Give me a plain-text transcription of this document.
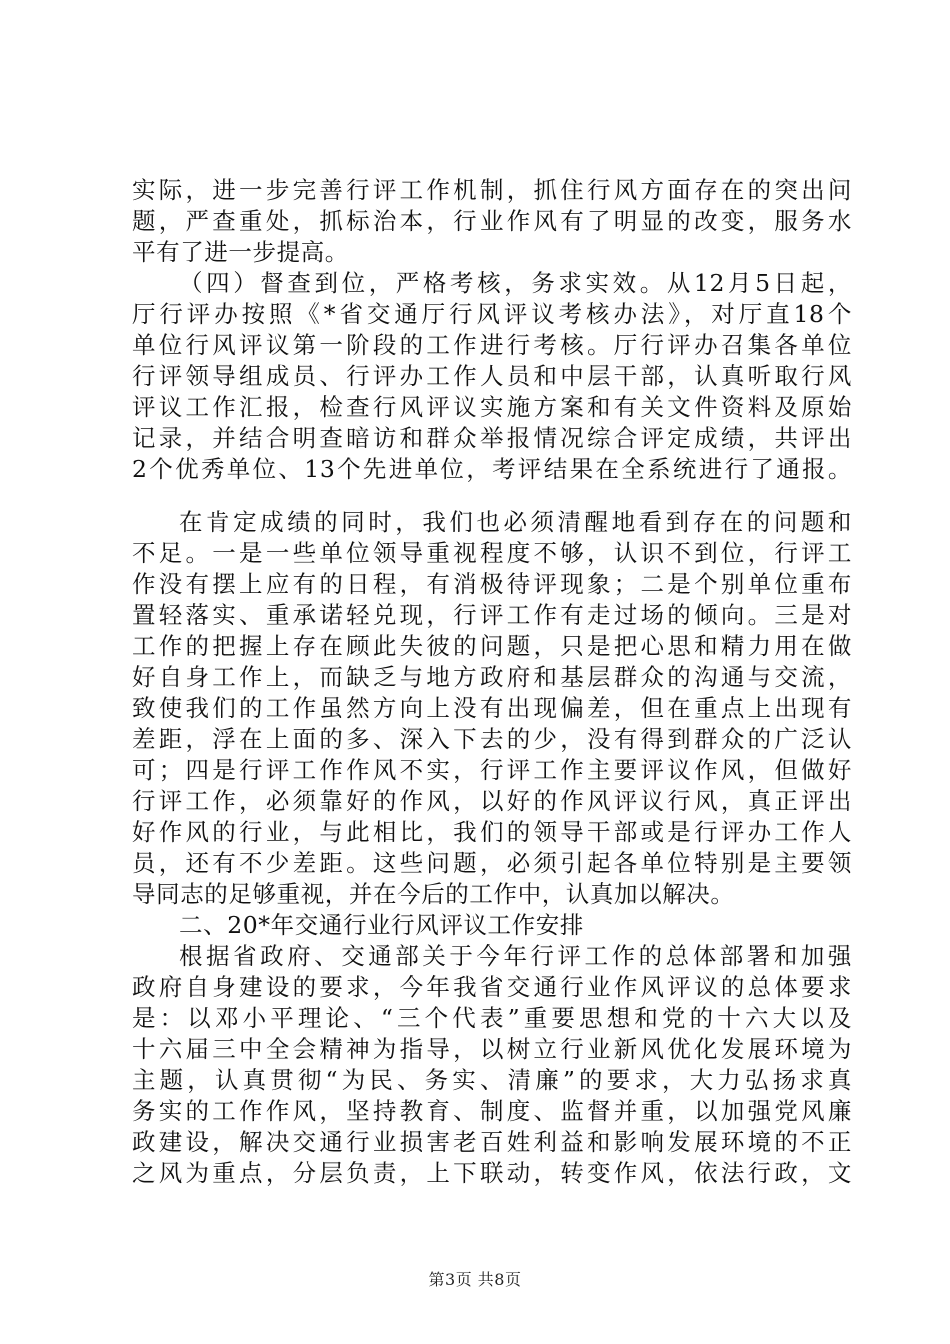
实际，进一步完善行评工作机制，抓住行风方面存在的突出问
题，严查重处，抓标治本，行业作风有了明显的改变，服务水
平有了进一步提高。
（四）督查到位，严格考核，务求实效。从12月5日起，
厅行评办按照《*省交通厅行风评议考核办法》，对厅直18个
单位行风评议第一阶段的工作进行考核。厅行评办召集各单位
行评领导组成员、行评办工作人员和中层干部，认真听取行风
评议工作汇报，检查行风评议实施方案和有关文件资料及原始
记录，并结合明查暗访和群众举报情况综合评定成绩，共评出
2个优秀单位、13个先进单位，考评结果在全系统进行了通报。
在肯定成绩的同时，我们也必须清醒地看到存在的问题和
不足。一是一些单位领导重视程度不够，认识不到位，行评工
作没有摆上应有的日程，有消极待评现象；二是个别单位重布
置轻落实、重承诺轻兑现，行评工作有走过场的倾向。三是对
工作的把握上存在顾此失彼的问题，只是把心思和精力用在做
好自身工作上，而缺乏与地方政府和基层群众的沟通与交流，
致使我们的工作虽然方向上没有出现偏差，但在重点上出现有
差距，浮在上面的多、深入下去的少，没有得到群众的广泛认
可；四是行评工作作风不实，行评工作主要评议作风，但做好
行评工作，必须靠好的作风，以好的作风评议行风，真正评出
好作风的行业，与此相比，我们的领导干部或是行评办工作人
员，还有不少差距。这些问题，必须引起各单位特别是主要领
导同志的足够重视，并在今后的工作中，认真加以解决。
二、20*年交通行业行风评议工作安排
根据省政府、交通部关于今年行评工作的总体部署和加强
政府自身建设的要求，今年我省交通行业作风评议的总体要求
是：以邓小平理论、“三个代表”重要思想和党的十六大以及
十六届三中全会精神为指导，以树立行业新风优化发展环境为
主题，认真贯彻“为民、务实、清廉”的要求，大力弘扬求真
务实的工作作风，坚持教育、制度、监督并重，以加强党风廉
政建设，解决交通行业损害老百姓利益和影响发展环境的不正
之风为重点，分层负责，上下联动，转变作风，依法行政，文
第3页 共8页
